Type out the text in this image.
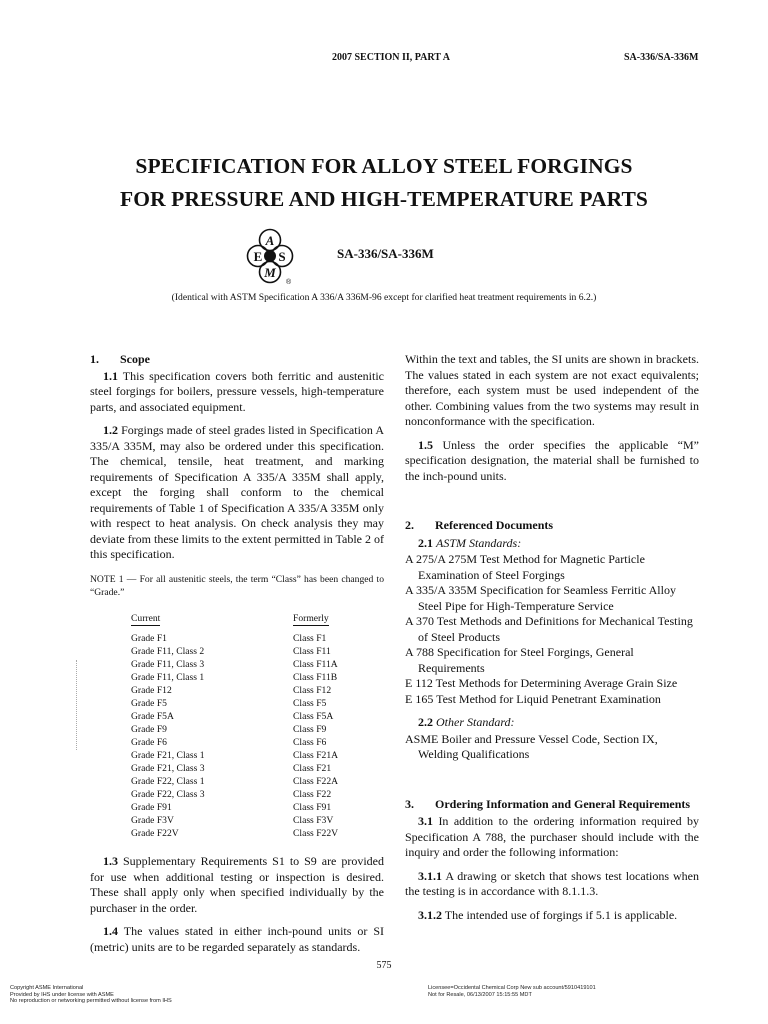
2007 SECTION II, PART A	SA-336/SA-336M
SPECIFICATION FOR ALLOY STEEL FORGINGS
FOR PRESSURE AND HIGH-TEMPERATURE PARTS
A
S
M
E
®
SA-336/SA-336M
(Identical with ASTM Specification A 336/A 336M-96 except for clarified heat treatment requirements in 6.2.)
1.	Scope

1.1 This specification covers both ferritic and austenitic steel forgings for boilers, pressure vessels, high-temperature parts, and associated equipment.

1.2 Forgings made of steel grades listed in Specification A 335/A 335M, may also be ordered under this specification. The chemical, tensile, heat treatment, and marking requirements of Specification A 335/A 335M shall apply, except the forging shall conform to the chemical requirements of Table 1 of Specification A 335/A 335M only with respect to heat analysis. On check analysis they may deviate from these limits to the extent permitted in Table 2 of this specification.

NOTE 1 — For all austenitic steels, the term “Class” has been changed to “Grade.”
Current	Formerly
Grade F1	Class F1
Grade F11, Class 2	Class F11
Grade F11, Class 3	Class F11A
Grade F11, Class 1	Class F11B
Grade F12	Class F12
Grade F5	Class F5
Grade F5A	Class F5A
Grade F9	Class F9
Grade F6	Class F6
Grade F21, Class 1	Class F21A
Grade F21, Class 3	Class F21
Grade F22, Class 1	Class F22A
Grade F22, Class 3	Class F22
Grade F91	Class F91
Grade F3V	Class F3V
Grade F22V	Class F22V

1.3 Supplementary Requirements S1 to S9 are provided for use when additional testing or inspection is desired. These shall apply only when specified individually by the purchaser in the order.

1.4 The values stated in either inch-pound units or SI (metric) units are to be regarded separately as standards.

Within the text and tables, the SI units are shown in brackets. The values stated in each system are not exact equivalents; therefore, each system must be used independent of the other. Combining values from the two systems may result in nonconformance with the specification.

1.5 Unless the order specifies the applicable “M” specification designation, the material shall be furnished to the inch-pound units.

2.	Referenced Documents
2.1 ASTM Standards:
A 275/A 275M Test Method for Magnetic Particle Examination of Steel Forgings
A 335/A 335M Specification for Seamless Ferritic Alloy Steel Pipe for High-Temperature Service
A 370 Test Methods and Definitions for Mechanical Testing of Steel Products
A 788 Specification for Steel Forgings, General Requirements
E 112 Test Methods for Determining Average Grain Size
E 165 Test Method for Liquid Penetrant Examination
2.2 Other Standard:
ASME Boiler and Pressure Vessel Code, Section IX, Welding Qualifications
3.	Ordering Information and General Requirements

3.1 In addition to the ordering information required by Specification A 788, the purchaser should include with the inquiry and order the following information:

3.1.1 A drawing or sketch that shows test locations when the testing is in accordance with 8.1.1.3.

3.1.2 The intended use of forgings if 5.1 is applicable.

575
Copyright ASME International
Provided by IHS under license with ASME
No reproduction or networking permitted without license from IHS
Licensee=Occidental Chemical Corp New sub account/5910419101
Not for Resale, 06/13/2007 15:15:55 MDT
